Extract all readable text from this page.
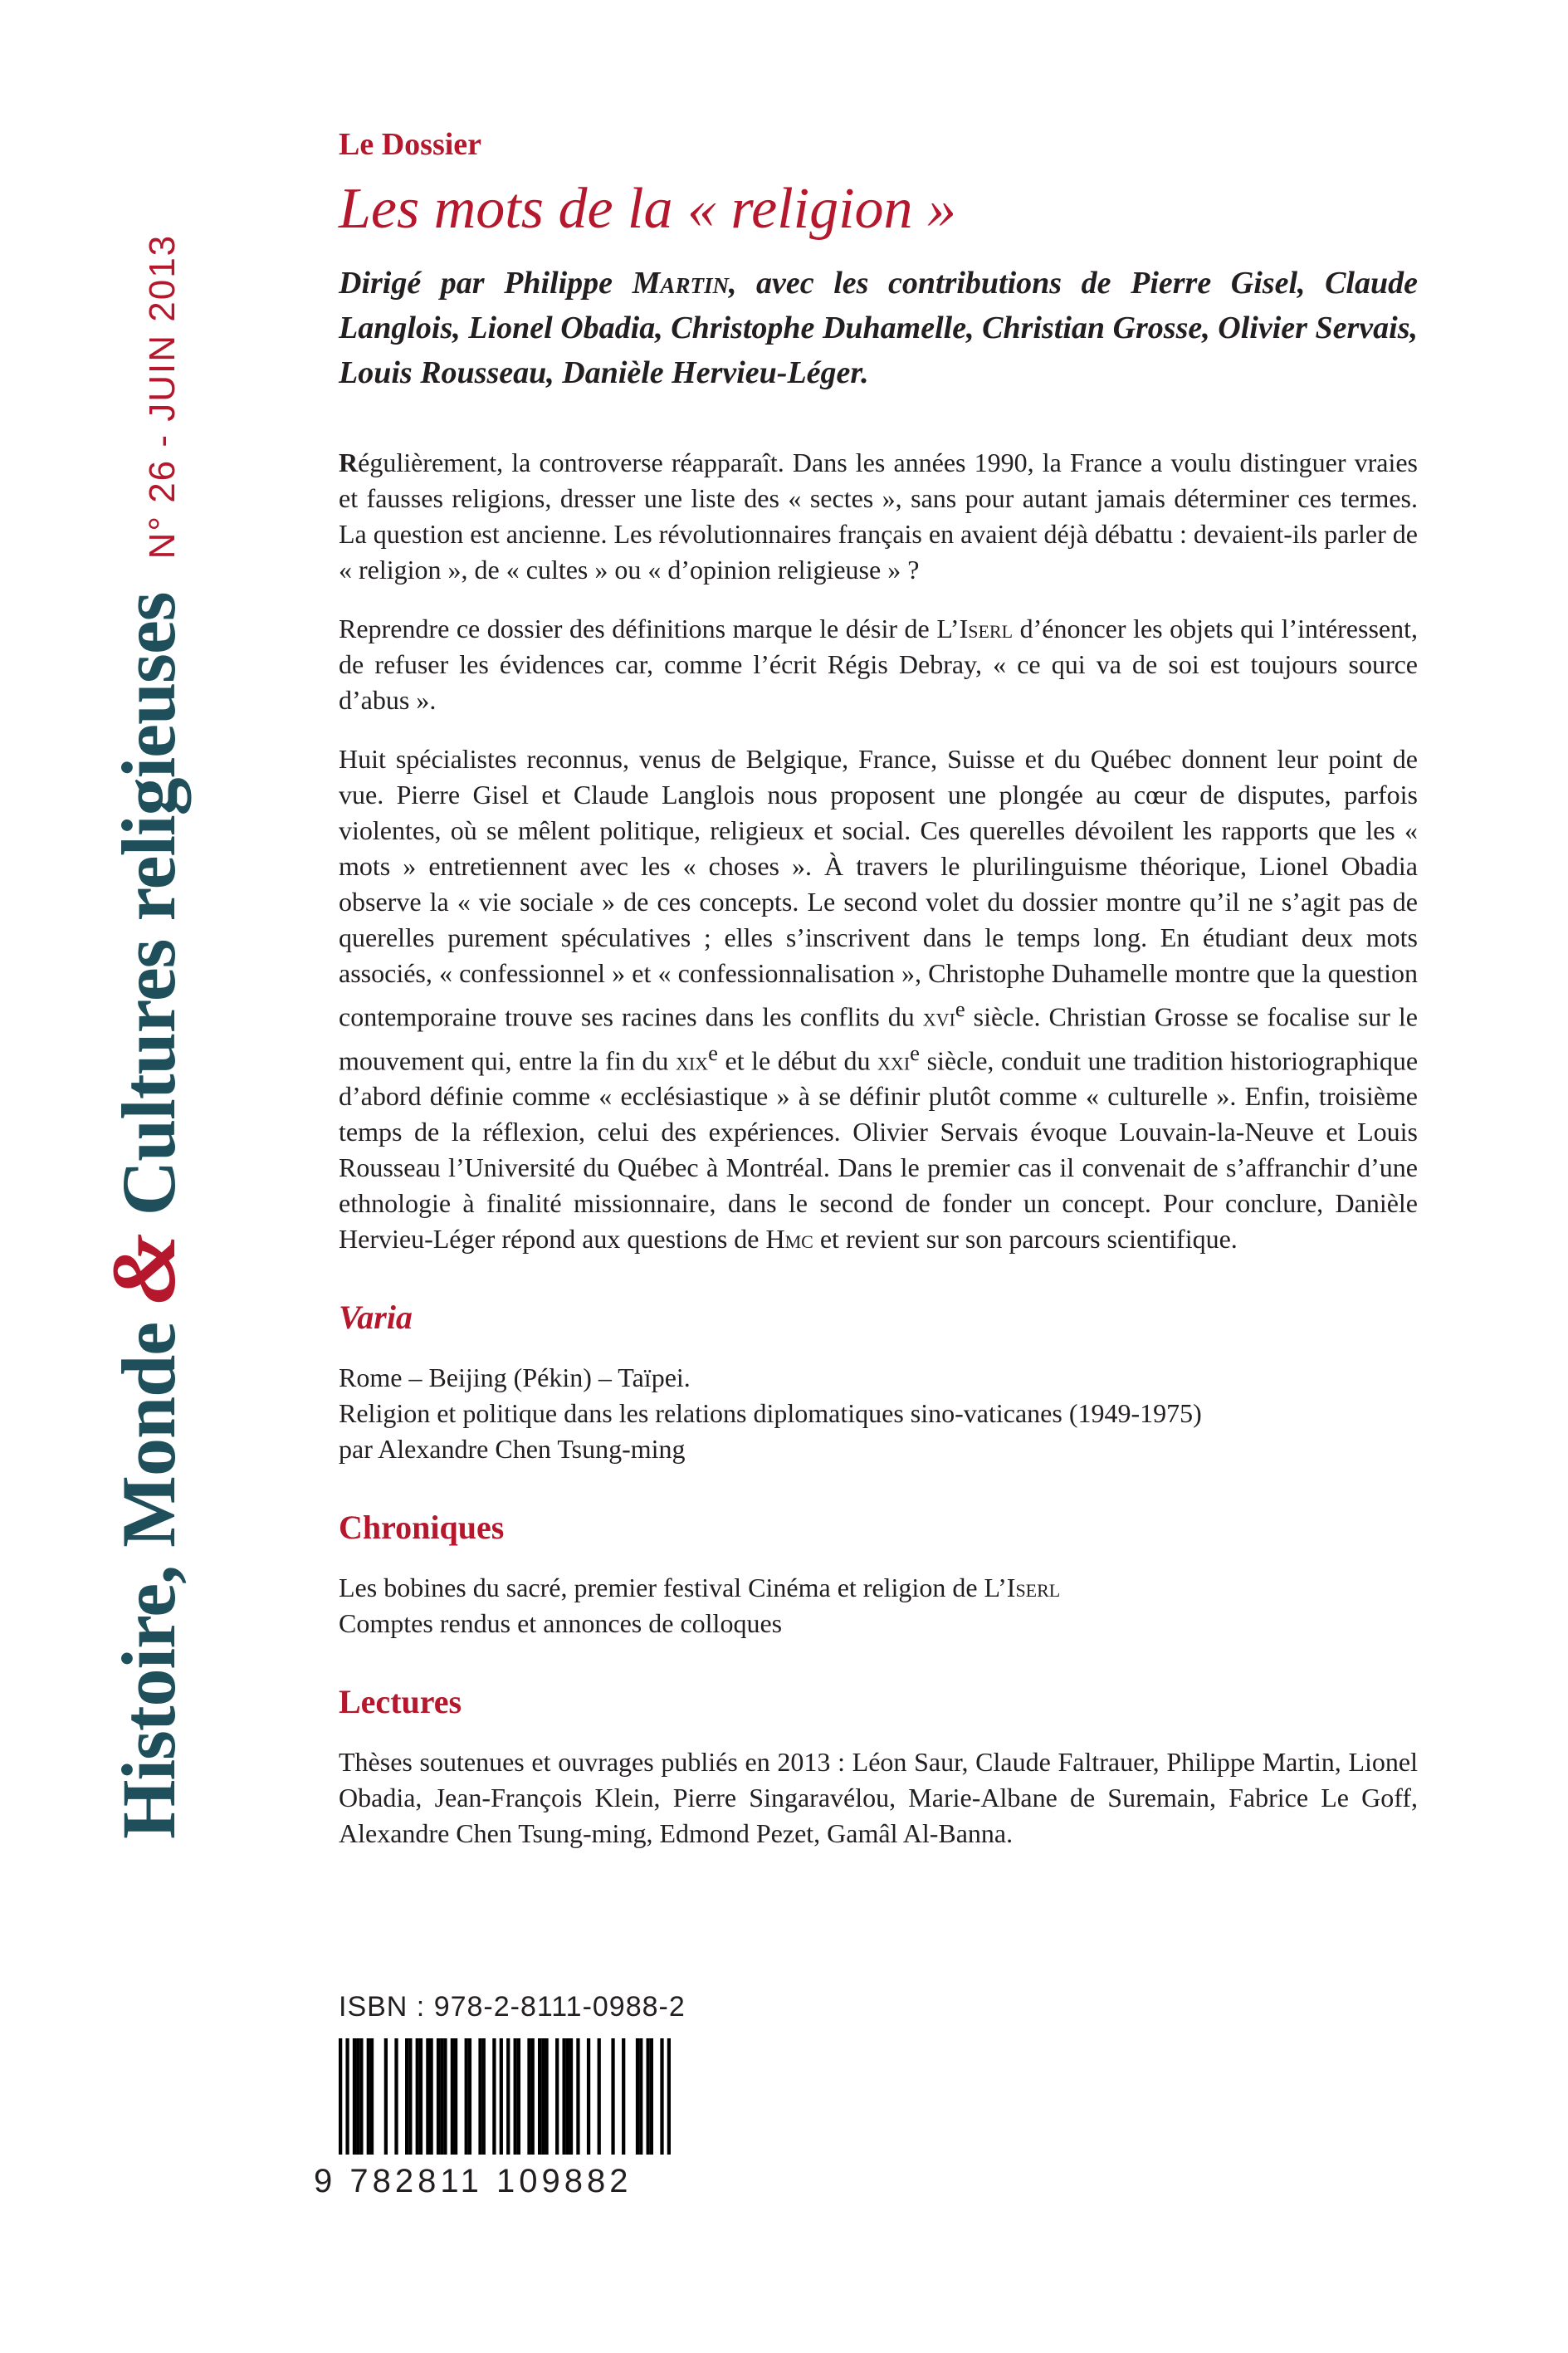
Histoire, Monde & Cultures religieuses
N° 26 - JUIN 2013

Le Dossier

Les mots de la « religion »

Dirigé par Philippe Martin, avec les contributions de Pierre Gisel, Claude Langlois, Lionel Obadia, Christophe Duhamelle, Christian Grosse, Olivier Servais, Louis Rousseau, Danièle Hervieu-Léger.

Régulièrement, la controverse réapparaît. Dans les années 1990, la France a voulu distinguer vraies et fausses religions, dresser une liste des « sectes », sans pour autant jamais déterminer ces termes. La question est ancienne. Les révolutionnaires français en avaient déjà débattu : devaient-ils parler de « religion », de « cultes » ou « d’opinion religieuse » ?

Reprendre ce dossier des définitions marque le désir de L’Iserl d’énoncer les objets qui l’intéressent, de refuser les évidences car, comme l’écrit Régis Debray, « ce qui va de soi est toujours source d’abus ».

Huit spécialistes reconnus, venus de Belgique, France, Suisse et du Québec donnent leur point de vue. Pierre Gisel et Claude Langlois nous proposent une plongée au cœur de disputes, parfois violentes, où se mêlent politique, religieux et social. Ces querelles dévoilent les rapports que les « mots » entretiennent avec les « choses ». À travers le plurilinguisme théorique, Lionel Obadia observe la « vie sociale » de ces concepts. Le second volet du dossier montre qu’il ne s’agit pas de querelles purement spéculatives ; elles s’inscrivent dans le temps long. En étudiant deux mots associés, « confessionnel » et « confessionnalisation », Christophe Duhamelle montre que la question contemporaine trouve ses racines dans les conflits du xvi$^e$ siècle. Christian Grosse se focalise sur le mouvement qui, entre la fin du xix$^e$ et le début du xxi$^e$ siècle, conduit une tradition historiographique d’abord définie comme « ecclésiastique » à se définir plutôt comme « culturelle ». Enfin, troisième temps de la réflexion, celui des expériences. Olivier Servais évoque Louvain-la-Neuve et Louis Rousseau l’Université du Québec à Montréal. Dans le premier cas il convenait de s’affranchir d’une ethnologie à finalité missionnaire, dans le second de fonder un concept. Pour conclure, Danièle Hervieu-Léger répond aux questions de Hmc et revient sur son parcours scientifique.

Varia

Rome – Beijing (Pékin) – Taïpei.

Religion et politique dans les relations diplomatiques sino-vaticanes (1949-1975)

par Alexandre Chen Tsung-ming

Chroniques

Les bobines du sacré, premier festival Cinéma et religion de L’Iserl

Comptes rendus et annonces de colloques

Lectures

Thèses soutenues et ouvrages publiés en 2013 : Léon Saur, Claude Faltrauer, Philippe Martin, Lionel Obadia, Jean-François Klein, Pierre Singaravélou, Marie-Albane de Suremain, Fabrice Le Goff, Alexandre Chen Tsung-ming, Edmond Pezet, Gamâl Al-Banna.

ISBN : 978-2-8111-0988-2
9 782811 109882
